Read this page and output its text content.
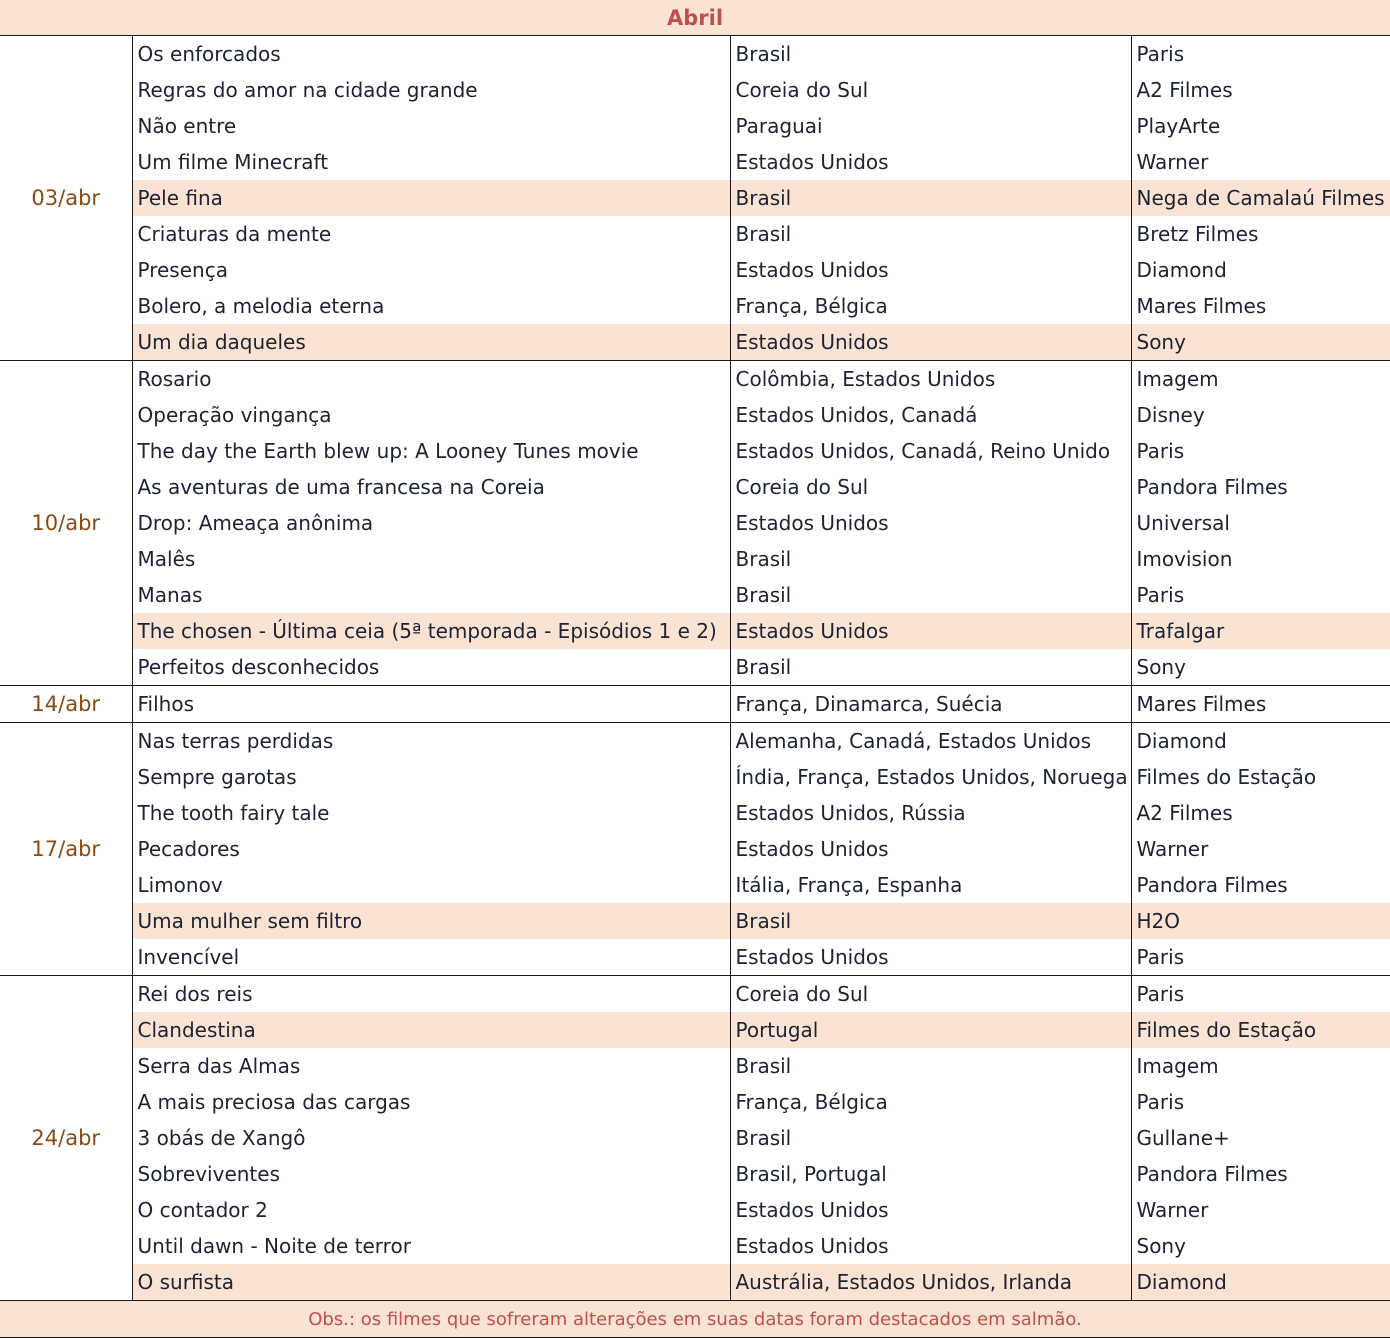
Abril			
03/abr	Os enforcados	Brasil	Paris
	Regras do amor na cidade grande	Coreia do Sul	A2 Filmes
	Não entre	Paraguai	PlayArte
	Um filme Minecraft	Estados Unidos	Warner
	Pele fina	Brasil	Nega de Camalaú Filmes
	Criaturas da mente	Brasil	Bretz Filmes
	Presença	Estados Unidos	Diamond
	Bolero, a melodia eterna	França, Bélgica	Mares Filmes
	Um dia daqueles	Estados Unidos	Sony
10/abr	Rosario	Colômbia, Estados Unidos	Imagem
	Operação vingança	Estados Unidos, Canadá	Disney
	The day the Earth blew up: A Looney Tunes movie	Estados Unidos, Canadá, Reino Unido	Paris
	As aventuras de uma francesa na Coreia	Coreia do Sul	Pandora Filmes
	Drop: Ameaça anônima	Estados Unidos	Universal
	Malês	Brasil	Imovision
	Manas	Brasil	Paris
	The chosen - Última ceia (5ª temporada - Episódios 1 e 2)	Estados Unidos	Trafalgar
	Perfeitos desconhecidos	Brasil	Sony
14/abr	Filhos	França, Dinamarca, Suécia	Mares Filmes
17/abr	Nas terras perdidas	Alemanha, Canadá, Estados Unidos	Diamond
	Sempre garotas	Índia, França, Estados Unidos, Noruega	Filmes do Estação
	The tooth fairy tale	Estados Unidos, Rússia	A2 Filmes
	Pecadores	Estados Unidos	Warner
	Limonov	Itália, França, Espanha	Pandora Filmes
	Uma mulher sem filtro	Brasil	H2O
	Invencível	Estados Unidos	Paris
24/abr	Rei dos reis	Coreia do Sul	Paris
	Clandestina	Portugal	Filmes do Estação
	Serra das Almas	Brasil	Imagem
	A mais preciosa das cargas	França, Bélgica	Paris
	3 obás de Xangô	Brasil	Gullane+
	Sobreviventes	Brasil, Portugal	Pandora Filmes
	O contador 2	Estados Unidos	Warner
	Until dawn - Noite de terror	Estados Unidos	Sony
	O surfista	Austrália, Estados Unidos, Irlanda	Diamond
Obs.: os filmes que sofreram alterações em suas datas foram destacados em salmão.			
